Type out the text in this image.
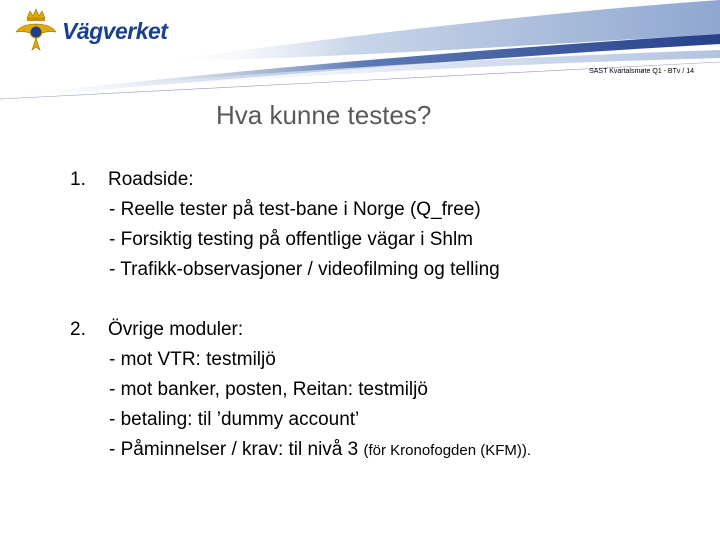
Vägverket
SAST Kvartalsmøte Q1 - BTv / 14
Hva kunne testes?
1.	Roadside:
- Reelle tester på test-bane i Norge (Q_free)
- Forsiktig testing på offentlige vägar i Shlm
- Trafikk-observasjoner / videofilming og telling
2.	Övrige moduler:
- mot VTR: testmiljö
- mot banker, posten, Reitan: testmiljö
- betaling: til ’dummy account’
- Påminnelser / krav: til nivå 3 (för Kronofogden (KFM)).
